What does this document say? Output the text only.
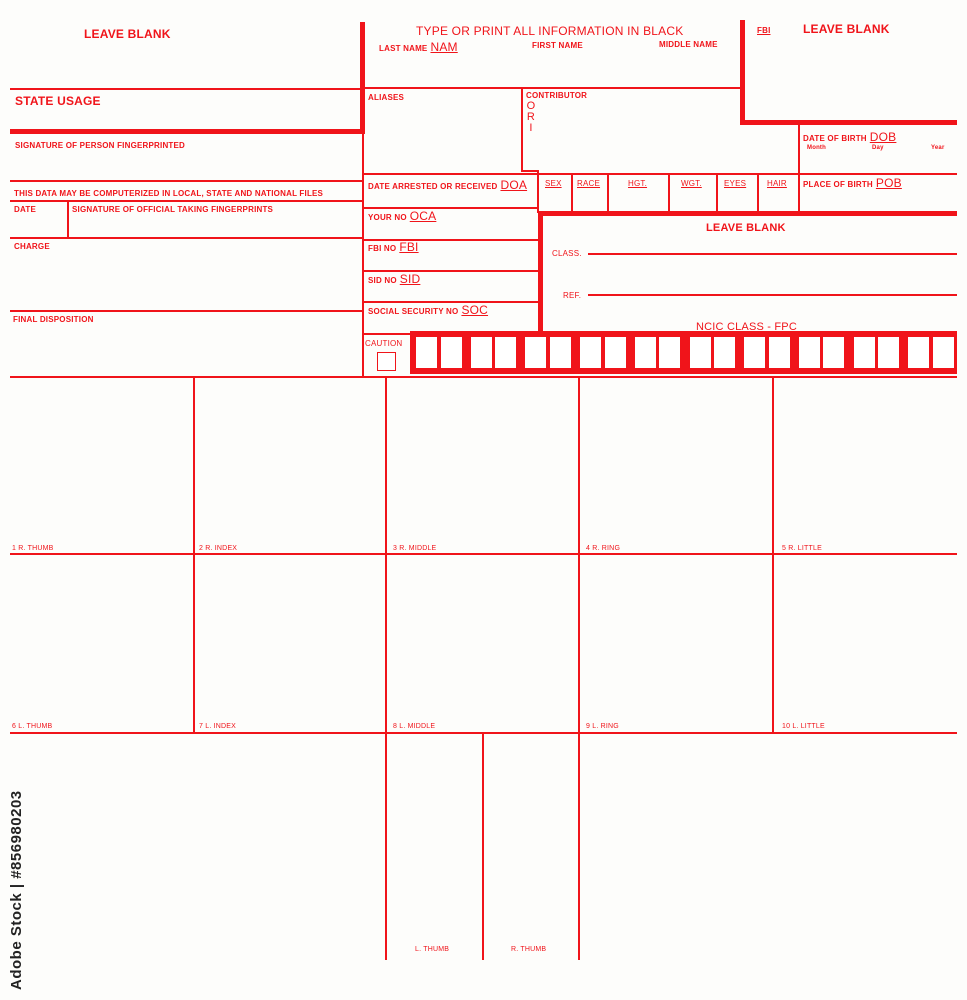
LEAVE BLANK	TYPE OR PRINT ALL INFORMATION IN BLACK	FBI	LEAVE BLANK
LAST NAME NAM	FIRST NAME	MIDDLE NAME
STATE USAGE
SIGNATURE OF PERSON FINGERPRINTED
THIS DATA MAY BE COMPUTERIZED IN LOCAL, STATE AND NATIONAL FILES
DATE	SIGNATURE OF OFFICIAL TAKING FINGERPRINTS
CHARGE
FINAL DISPOSITION
ALIASES	CONTRIBUTOR
O
R
I
DATE ARRESTED OR RECEIVED DOA
YOUR NO OCA
FBI NO FBI
SID NO SID
SOCIAL SECURITY NO SOC
CAUTION
DATE OF BIRTH DOB
Month	Day	Year
PLACE OF BIRTH POB
SEX RACE	HGT.	WGT.	EYES	HAIR
LEAVE BLANK
CLASS.
REF.
NCIC CLASS - FPC
1 R. THUMB	2 R. INDEX	3 R. MIDDLE	4 R. RING	5 R. LITTLE
6 L. THUMB	7 L. INDEX	8 L. MIDDLE	9 L. RING	10 L. LITTLE
L. THUMB	R. THUMB
Adobe Stock | #856980203
